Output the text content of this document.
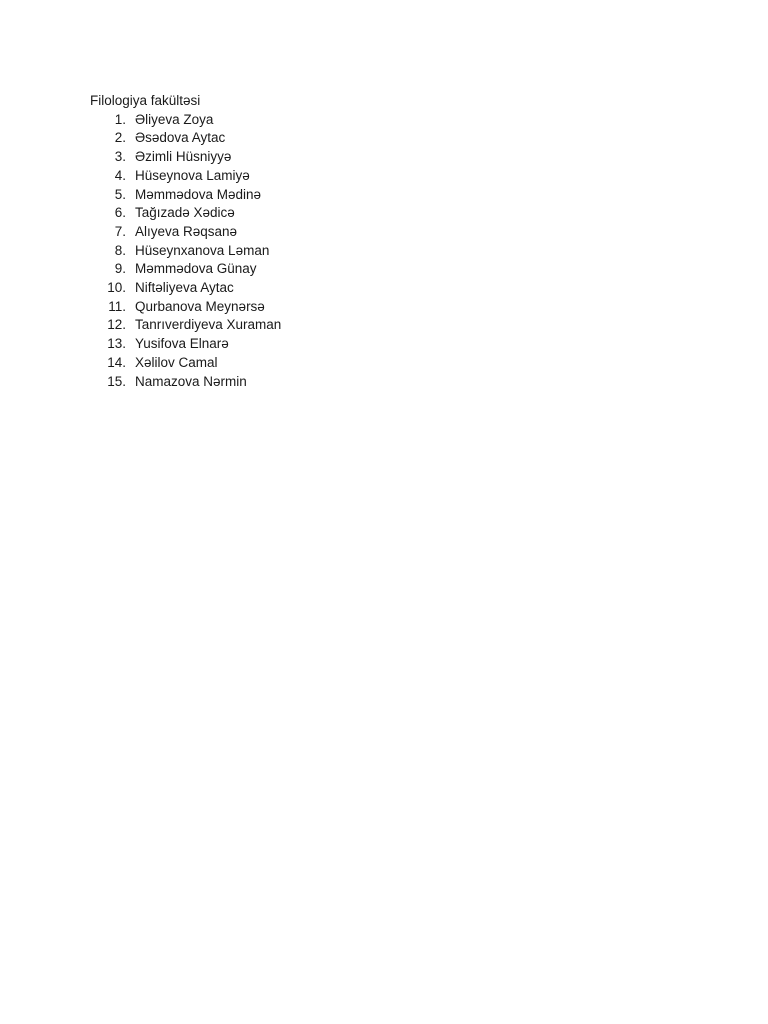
Filologiya fakültəsi

1. Əliyeva Zoya
2. Əsədova Aytac
3. Əzimli Hüsniyyə
4. Hüseynova Lamiyə
5. Məmmədova Mədinə
6. Tağızadə Xədicə
7. Alıyeva Rəqsanə
8. Hüseynxanova Ləman
9. Məmmədova Günay
10. Niftəliyeva Aytac
11. Qurbanova Meynərsə
12. Tanrıverdiyeva Xuraman
13. Yusifova Elnarə
14. Xəlilov Camal
15. Namazova Nərmin
